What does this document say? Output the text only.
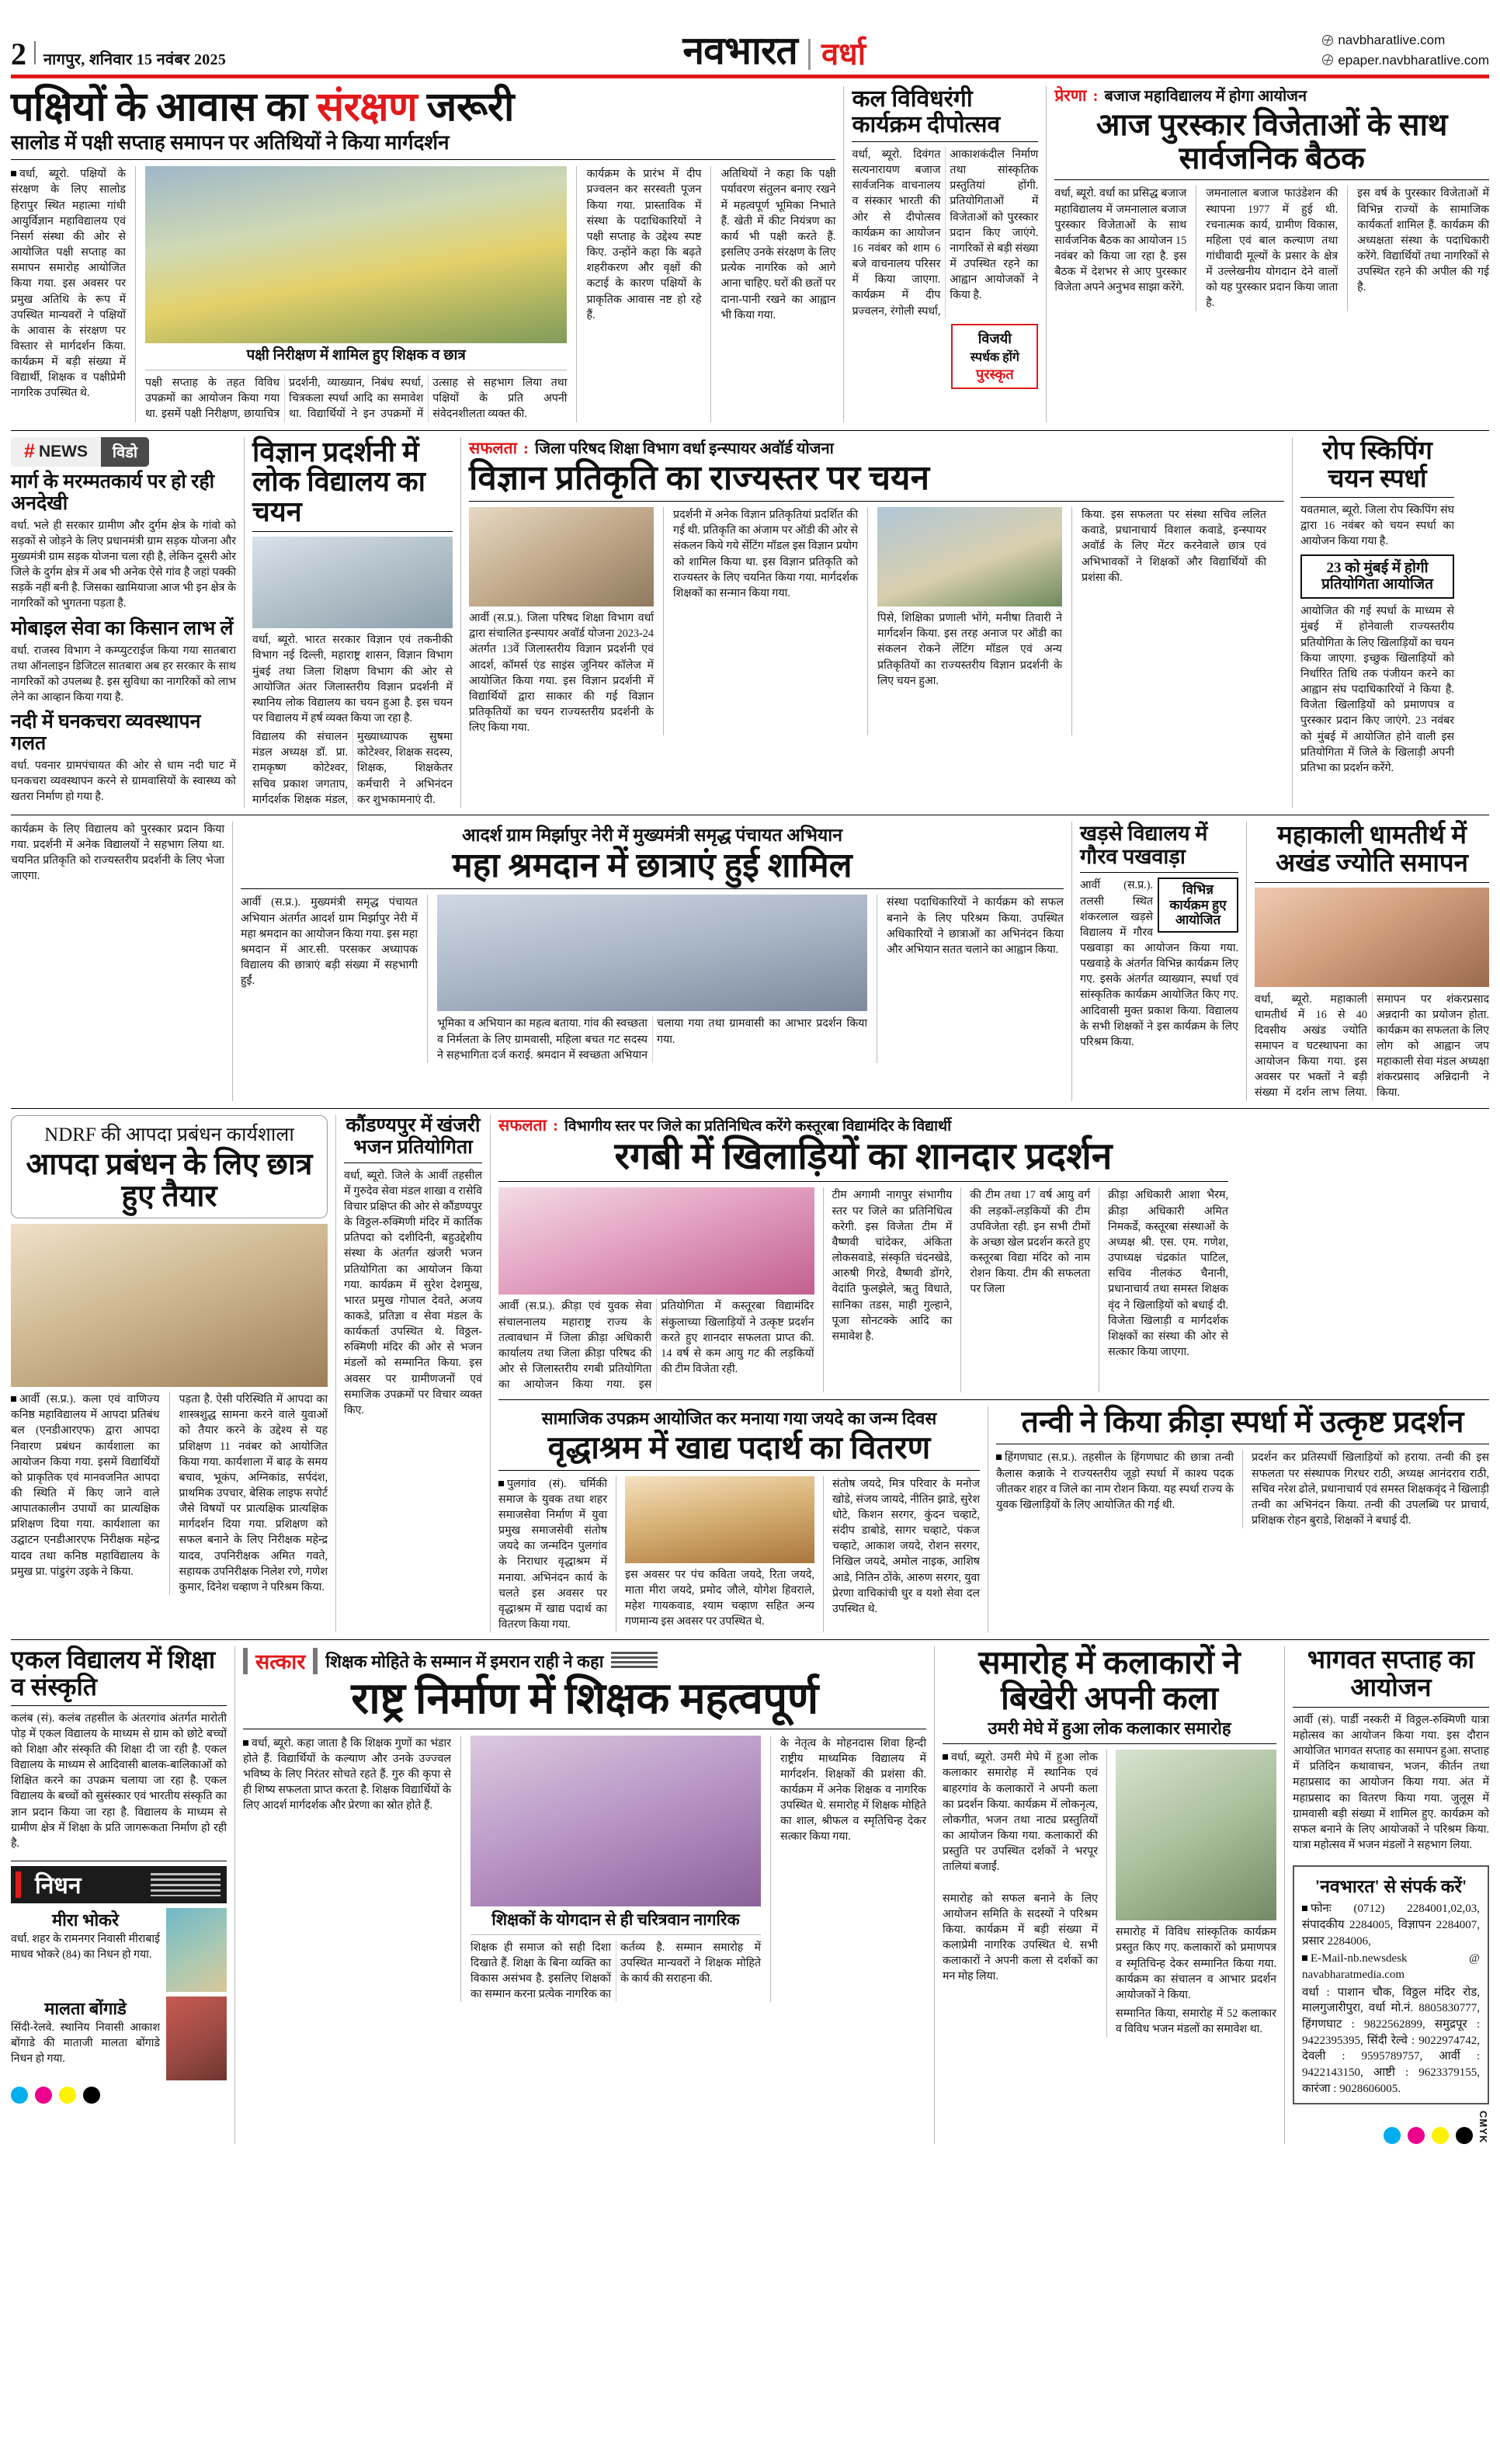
2 नागपुर, शनिवार 15 नवंबर 2025	नवभारत वर्धा	navbharatlive.com
epaper.navbharatlive.com
पक्षियों के आवास का संरक्षण जरूरी
सालोड में पक्षी सप्ताह समापन पर अतिथियों ने किया मार्गदर्शन
वर्धा, ब्यूरो. पक्षियों के संरक्षण के लिए सालोड हिरापुर स्थित महात्मा गांधी आयुर्विज्ञान महाविद्यालय एवं निसर्ग संस्था की ओर से आयोजित पक्षी सप्ताह का समापन समारोह आयोजित किया गया. इस अवसर पर प्रमुख अतिथि के रूप में उपस्थित मान्यवरों ने पक्षियों के आवास के संरक्षण पर विस्तार से मार्गदर्शन किया. कार्यक्रम में बड़ी संख्या में विद्यार्थी, शिक्षक व पक्षीप्रेमी नागरिक उपस्थित थे.
पक्षी निरीक्षण में शामिल हुए शिक्षक व छात्र
पक्षी सप्ताह के तहत विविध उपक्रमों का आयोजन किया गया था. इसमें पक्षी निरीक्षण, छायाचित्र प्रदर्शनी, व्याख्यान, निबंध स्पर्धा, चित्रकला स्पर्धा आदि का समावेश था. विद्यार्थियों ने इन उपक्रमों में उत्साह से सहभाग लिया तथा पक्षियों के प्रति अपनी संवेदनशीलता व्यक्त की.
कार्यक्रम के प्रारंभ में दीप प्रज्वलन कर सरस्वती पूजन किया गया. प्रास्ताविक में संस्था के पदाधिकारियों ने पक्षी सप्ताह के उद्देश्य स्पष्ट किए. उन्होंने कहा कि बढ़ते शहरीकरण और वृक्षों की कटाई के कारण पक्षियों के प्राकृतिक आवास नष्ट हो रहे हैं.
अतिथियों ने कहा कि पक्षी पर्यावरण संतुलन बनाए रखने में महत्वपूर्ण भूमिका निभाते हैं. खेती में कीट नियंत्रण का कार्य भी पक्षी करते हैं. इसलिए उनके संरक्षण के लिए प्रत्येक नागरिक को आगे आना चाहिए. घरों की छतों पर दाना-पानी रखने का आह्वान भी किया गया.
कल विविधरंगी कार्यक्रम दीपोत्सव
वर्धा, ब्यूरो. दिवंगत सत्यनारायण बजाज सार्वजनिक वाचनालय व संस्कार भारती की ओर से दीपोत्सव कार्यक्रम का आयोजन 16 नवंबर को शाम 6 बजे वाचनालय परिसर में किया जाएगा. कार्यक्रम में दीप प्रज्वलन, रंगोली स्पर्धा, आकाशकंदील निर्माण तथा सांस्कृतिक प्रस्तुतियां होंगी. प्रतियोगिताओं में विजेताओं को पुरस्कार प्रदान किए जाएंगे. नागरिकों से बड़ी संख्या में उपस्थित रहने का आह्वान आयोजकों ने किया है.
विजयी
स्पर्धक होंगे
पुरस्कृत
प्रेरणा : बजाज महाविद्यालय में होगा आयोजन
आज पुरस्कार विजेताओं के साथ सार्वजनिक बैठक
वर्धा, ब्यूरो. वर्धा का प्रसिद्ध बजाज महाविद्यालय में जमनालाल बजाज पुरस्कार विजेताओं के साथ सार्वजनिक बैठक का आयोजन 15 नवंबर को किया जा रहा है. इस बैठक में देशभर से आए पुरस्कार विजेता अपने अनुभव साझा करेंगे.
जमनालाल बजाज फाउंडेशन की स्थापना 1977 में हुई थी. रचनात्मक कार्य, ग्रामीण विकास, महिला एवं बाल कल्याण तथा गांधीवादी मूल्यों के प्रसार के क्षेत्र में उल्लेखनीय योगदान देने वालों को यह पुरस्कार प्रदान किया जाता है.
इस वर्ष के पुरस्कार विजेताओं में विभिन्न राज्यों के सामाजिक कार्यकर्ता शामिल हैं. कार्यक्रम की अध्यक्षता संस्था के पदाधिकारी करेंगे. विद्यार्थियों तथा नागरिकों से उपस्थित रहने की अपील की गई है.
# NEWS	विडो
मार्ग के मरम्मतकार्य पर हो रही अनदेखी
वर्धा. भले ही सरकार ग्रामीण और दुर्गम क्षेत्र के गांवो को सड़कों से जोड़ने के लिए प्रधानमंत्री ग्राम सड़क योजना और मुख्यमंत्री ग्राम सड़क योजना चला रही है, लेकिन दूसरी ओर जिले के दुर्गम क्षेत्र में अब भी अनेक ऐसे गांव है जहां पक्की सड़कें नहीं बनी है. जिसका खामियाजा आज भी इन क्षेत्र के नागरिकों को भुगतना पड़ता है.
मोबाइल सेवा का किसान लाभ लें
वर्धा. राजस्व विभाग ने कम्प्युटराईज किया गया सातबारा तथा ऑनलाइन डिजिटल सातबारा अब हर सरकार के साथ नागरिकों को उपलब्ध है. इस सुविधा का नागरिकों को लाभ लेने का आव्हान किया गया है.
नदी में घनकचरा व्यवस्थापन गलत
वर्धा. पवनार ग्रामपंचायत की ओर से धाम नदी घाट में घनकचरा व्यवस्थापन करने से ग्रामवासियों के स्वास्थ्य को खतरा निर्माण हो गया है.
विज्ञान प्रदर्शनी में लोक विद्यालय का चयन
वर्धा, ब्यूरो. भारत सरकार विज्ञान एवं तकनीकी विभाग नई दिल्ली, महाराष्ट्र शासन, विज्ञान विभाग मुंबई तथा जिला शिक्षण विभाग की ओर से आयोजित अंतर जिलास्तरीय विज्ञान प्रदर्शनी में स्थानिय लोक विद्यालय का चयन हुआ है. इस चयन पर विद्यालय में हर्ष व्यक्त किया जा रहा है.
विद्यालय की संचालन मंडल अध्यक्ष डॉ. प्रा. रामकृष्ण कोटेश्वर, सचिव प्रकाश जगताप, मार्गदर्शक शिक्षक मंडल, मुख्याध्यापक सुषमा कोटेश्वर, शिक्षक सदस्य, शिक्षक, शिक्षकेतर कर्मचारी ने अभिनंदन कर शुभकामनाएं दी.
सफलता : जिला परिषद शिक्षा विभाग वर्धा इन्स्पायर अवॉर्ड योजना
विज्ञान प्रतिकृति का राज्यस्तर पर चयन
आर्वी (स.प्र.). जिला परिषद शिक्षा विभाग वर्धा द्वारा संचालित इन्स्पायर अवॉर्ड योजना 2023-24 अंतर्गत 13वें जिलास्तरीय विज्ञान प्रदर्शनी एवं आदर्श, कॉमर्स एंड साइंस जुनियर कॉलेज में आयोजित किया गया. इस विज्ञान प्रदर्शनी में विद्यार्थियों द्वारा साकार की गई विज्ञान प्रतिकृतियों का चयन राज्यस्तरीय प्रदर्शनी के लिए किया गया.
प्रदर्शनी में अनेक विज्ञान प्रतिकृतियां प्रदर्शित की गई थी. प्रतिकृति का अंजाम पर ऑडी की ओर से संकलन किये गये सेंटिंग मॉडल इस विज्ञान प्रयोग को शामिल किया था. इस विज्ञान प्रतिकृति को राज्यस्तर के लिए चयनित किया गया. मार्गदर्शक शिक्षकों का सन्मान किया गया.
पिसे, शिक्षिका प्रणाली भोंगे, मनीषा तिवारी ने मार्गदर्शन किया. इस तरह अनाज पर ऑडी का संकलन रोकने लेंटिंग मॉडल एवं अन्य प्रतिकृतियों का राज्यस्तरीय विज्ञान प्रदर्शनी के लिए चयन हुआ.
किया. इस सफलता पर संस्था सचिव ललित कवाडे, प्रधानाचार्य विशाल कवाडे, इन्स्पायर अवॉर्ड के लिए मेंटर करनेवाले छात्र एवं अभिभावकों ने शिक्षकों और विद्यार्थियों की प्रशंसा की.
रोप स्किपिंग चयन स्पर्धा
यवतमाल, ब्यूरो. जिला रोप स्किपिंग संघ द्वारा 16 नवंबर को चयन स्पर्धा का आयोजन किया गया है.
23 को मुंबई में होगी प्रतियोगिता आयोजित
आयोजित की गई स्पर्धा के माध्यम से मुंबई में होनेवाली राज्यस्तरीय प्रतियोगिता के लिए खिलाड़ियों का चयन किया जाएगा. इच्छुक खिलाड़ियों को निर्धारित तिथि तक पंजीयन करने का आह्वान संघ पदाधिकारियों ने किया है. विजेता खिलाड़ियों को प्रमाणपत्र व पुरस्कार प्रदान किए जाएंगे. 23 नवंबर को मुंबई में आयोजित होने वाली इस प्रतियोगिता में जिले के खिलाड़ी अपनी प्रतिभा का प्रदर्शन करेंगे.
कार्यक्रम के लिए विद्यालय को पुरस्कार प्रदान किया गया. प्रदर्शनी में अनेक विद्यालयों ने सहभाग लिया था. चयनित प्रतिकृति को राज्यस्तरीय प्रदर्शनी के लिए भेजा जाएगा.
आदर्श ग्राम मिर्झापुर नेरी में मुख्यमंत्री समृद्ध पंचायत अभियान
महा श्रमदान में छात्राएं हुई शामिल
आर्वी (स.प्र.). मुख्यमंत्री समृद्ध पंचायत अभियान अंतर्गत आदर्श ग्राम मिर्झापुर नेरी में महा श्रमदान का आयोजन किया गया. इस महा श्रमदान में आर.सी. परसकर अध्यापक विद्यालय की छात्राएं बड़ी संख्या में सहभागी हुईं.
भूमिका व अभियान का महत्व बताया. गांव की स्वच्छता व निर्मलता के लिए ग्रामवासी, महिला बचत गट सदस्य ने सहभागिता दर्ज कराई. श्रमदान में स्वच्छता अभियान चलाया गया तथा ग्रामवासी का आभार प्रदर्शन किया गया.
संस्था पदाधिकारियों ने कार्यक्रम को सफल बनाने के लिए परिश्रम किया. उपस्थित अधिकारियों ने छात्राओं का अभिनंदन किया और अभियान सतत चलाने का आह्वान किया.
खड़से विद्यालय में गौरव पखवाड़ा
विभिन्न कार्यक्रम हुए आयोजित
आर्वी (स.प्र.). तलसी स्थित शंकरलाल खड़से विद्यालय में गौरव पखवाड़ा का आयोजन किया गया. पखवाड़े के अंतर्गत विभिन्न कार्यक्रम लिए गए. इसके अंतर्गत व्याख्यान, स्पर्धा एवं सांस्कृतिक कार्यक्रम आयोजित किए गए. आदिवासी मुक्त प्रकाश किया. विद्यालय के सभी शिक्षकों ने इस कार्यक्रम के लिए परिश्रम किया.
महाकाली धामतीर्थ में अखंड ज्योति समापन
वर्धा, ब्यूरो. महाकाली धामतीर्थ में 16 से 40 दिवसीय अखंड ज्योति समापन व घटस्थापना का आयोजन किया गया. इस अवसर पर भक्तों ने बड़ी संख्या में दर्शन लाभ लिया. समापन पर शंकरप्रसाद अन्नदानी का प्रयोजन होता. कार्यक्रम का सफलता के लिए लोग को आह्वान जप महाकाली सेवा मंडल अध्यक्षा शंकरप्रसाद अन्निदानी ने किया.
NDRF की आपदा प्रबंधन कार्यशाला
आपदा प्रबंधन के लिए छात्र हुए तैयार
आर्वी (स.प्र.). कला एवं वाणिज्य कनिष्ठ महाविद्यालय में आपदा प्रतिबंध बल (एनडीआरएफ) द्वारा आपदा निवारण प्रबंधन कार्यशाला का आयोजन किया गया. इसमें विद्यार्थियों को प्राकृतिक एवं मानवजनित आपदा की स्थिति में किए जाने वाले आपातकालीन उपायों का प्रात्यक्षिक प्रशिक्षण दिया गया. कार्यशाला का उद्घाटन एनडीआरएफ निरीक्षक महेन्द्र यादव तथा कनिष्ठ महाविद्यालय के प्रमुख प्रा. पांडुरंग उइके ने किया.
पड़ता है. ऐसी परिस्थिति में आपदा का शास्त्रशुद्ध सामना करने वाले युवाओं को तैयार करने के उद्देश्य से यह प्रशिक्षण 11 नवंबर को आयोजित किया गया. कार्यशाला में बाढ़ के समय बचाव, भूकंप, अग्निकांड, सर्पदंश, प्राथमिक उपचार, बेसिक लाइफ सपोर्ट जैसे विषयों पर प्रात्यक्षिक प्रात्यक्षिक मार्गदर्शन दिया गया. प्रशिक्षण को सफल बनाने के लिए निरीक्षक महेन्द्र यादव, उपनिरीक्षक अमित गवते, सहायक उपनिरीक्षक निलेश रणे, गणेश कुमार, दिनेश चव्हाण ने परिश्रम किया.
कौंडण्यपुर में खंजरी भजन प्रतियोगिता
वर्धा, ब्यूरो. जिले के आर्वी तहसील में गुरुदेव सेवा मंडल शाखा व रासेवि विचार प्रक्षिप्त की ओर से कौंडण्यपुर के विठ्ठल-रुक्मिणी मंदिर में कार्तिक प्रतिपदा को दशीदिनी, बहुउद्देशीय संस्था के अंतर्गत खंजरी भजन प्रतियोगिता का आयोजन किया गया. कार्यक्रम में सुरेश देशमुख, भारत प्रमुख गोपाल देवते, अजय काकडे, प्रतिज्ञा व सेवा मंडल के कार्यकर्ता उपस्थित थे. विठ्ठल-रुक्मिणी मंदिर की ओर से भजन मंडलों को सम्मानित किया. इस अवसर पर ग्रामीणजनों एवं समाजिक उपक्रमों पर विचार व्यक्त किए.
सफलता : विभागीय स्तर पर जिले का प्रतिनिधित्व करेंगे कस्तूरबा विद्यामंदिर के विद्यार्थी
रगबी में खिलाड़ियों का शानदार प्रदर्शन
आर्वी (स.प्र.). क्रीड़ा एवं युवक सेवा संचालनालय महाराष्ट्र राज्य के तत्वावधान में जिला क्रीड़ा अधिकारी कार्यालय तथा जिला क्रीड़ा परिषद की ओर से जिलास्तरीय रगबी प्रतियोगिता का आयोजन किया गया. इस प्रतियोगिता में कस्तूरबा विद्यामंदिर संकुलाच्या खिलाड़ियों ने उत्कृष्ट प्रदर्शन करते हुए शानदार सफलता प्राप्त की. 14 वर्ष से कम आयु गट की लड़कियों की टीम विजेता रही.
टीम अगामी नागपुर संभागीय स्तर पर जिले का प्रतिनिधित्व करेगी. इस विजेता टीम में वैष्णवी चांदेकर, अंकिता लोकसवाडे, संस्कृति चंदनखेडे, आरुषी गिरडे, वैष्णवी डोंगरे, वेदांति फुलझेले, ऋतु विधाते, सानिका तडस, माही गुल्हाने, पूजा सोनटक्के आदि का समावेश है.
की टीम तथा 17 वर्ष आयु वर्ग की लड़कों-लड़कियों की टीम उपविजेता रही. इन सभी टीमों के अच्छा खेल प्रदर्शन करते हुए कस्तूरबा विद्या मंदिर को नाम रोशन किया. टीम की सफलता पर जिला
क्रीड़ा अधिकारी आशा भैरम, क्रीड़ा अधिकारी अमित निमकर्डे, कस्तूरबा संस्थाओं के अध्यक्ष श्री. एस. एम. गणेश, उपाध्यक्ष चंद्रकांत पाटिल, सचिव नीलकंठ चैनानी, प्रधानाचार्य तथा समस्त शिक्षक वृंद ने खिलाड़ियों को बधाई दी. विजेता खिलाड़ी व मार्गदर्शक शिक्षकों का संस्था की ओर से सत्कार किया जाएगा.
सामाजिक उपक्रम आयोजित कर मनाया गया जयदे का जन्म दिवस
वृद्धाश्रम में खाद्य पदार्थ का वितरण
पुलगांव (सं). चर्मिकी समाज के युवक तथा शहर समाजसेवा निर्माण में युवा प्रमुख समाजसेवी संतोष जयदे का जन्मदिन पुलगांव के निराधार वृद्धाश्रम में मनाया. अभिनंदन कार्य के चलते इस अवसर पर वृद्धाश्रम में खाद्य पदार्थ का वितरण किया गया.
इस अवसर पर पंच कविता जयदे, रिता जयदे, माता मीरा जयदे, प्रमोद जौले, योगेश हिवराले, महेश गायकवाड, श्याम चव्हाण सहित अन्य गणमान्य इस अवसर पर उपस्थित थे.
संतोष जयदे, मित्र परिवार के मनोज खोडे, संजय जायदे, नीतिन झाडे, सुरेश धोटे, किशन सरगर, कुंदन चव्हाटे, संदीप डाबोडे, सागर चव्हाटे, पंकज चव्हाटे, आकाश जयदे, रोशन सरगर, निखिल जयदे, अमोल नाइक, आशिष आडे, नितिन ठोंके, आरुण सरगर, युवा प्रेरणा वाचिकांची धुर व यशो सेवा दल उपस्थित थे.
तन्वी ने किया क्रीड़ा स्पर्धा में उत्कृष्ट प्रदर्शन
हिंगणघाट (स.प्र.). तहसील के हिंगणघाट की छात्रा तन्वी कैलास कन्नाके ने राज्यस्तरीय जूड़ो स्पर्धा में काश्य पदक जीतकर शहर व जिले का नाम रोशन किया. यह स्पर्धा राज्य के युवक खिलाड़ियों के लिए आयोजित की गई थी.
प्रदर्शन कर प्रतिस्पर्धी खिलाड़ियों को हराया. तन्वी की इस सफलता पर संस्थापक गिरधर राठी, अध्यक्ष आनंदराव राठी, सचिव नरेश ढोले, प्रधानाचार्य एवं समस्त शिक्षकवृंद ने खिलाड़ी तन्वी का अभिनंदन किया. तन्वी की उपलब्धि पर प्राचार्य, प्रशिक्षक रोहन बुराडे, शिक्षकों ने बधाई दी.
एकल विद्यालय में शिक्षा व संस्कृति
कलंब (सं). कलंब तहसील के अंतरगांव अंतर्गत मारोती पोड़ में एकल विद्यालय के माध्यम से ग्राम को छोटे बच्चों को शिक्षा और संस्कृति की शिक्षा दी जा रही है. एकल विद्यालय के माध्यम से आदिवासी बालक-बालिकाओं को शिक्षित करने का उपक्रम चलाया जा रहा है. एकल विद्यालय के बच्चों को सुसंस्कार एवं भारतीय संस्कृति का ज्ञान प्रदान किया जा रहा है. विद्यालय के माध्यम से ग्रामीण क्षेत्र में शिक्षा के प्रति जागरूकता निर्माण हो रही है.
निधन
मीरा भोकरे
वर्धा. शहर के रामनगर निवासी मीराबाई माधव भोकरे (84) का निधन हो गया.
मालता बोंगाडे
सिंदी-रेलवे. स्थानिय निवासी आकाश बोंगाडे की माताजी मालता बोंगाडे निधन हो गया.
सत्कार शिक्षक मोहिते के सम्मान में इमरान राही ने कहा
राष्ट्र निर्माण में शिक्षक महत्वपूर्ण
वर्धा, ब्यूरो. कहा जाता है कि शिक्षक गुणों का भंडार होते हैं. विद्यार्थियों के कल्याण और उनके उज्ज्वल भविष्य के लिए निरंतर सोचते रहते हैं. गुरु की कृपा से ही शिष्य सफलता प्राप्त करता है. शिक्षक विद्यार्थियों के लिए आदर्श मार्गदर्शक और प्रेरणा का स्रोत होते हैं.
शिक्षकों के योगदान से ही चरित्रवान नागरिक
शिक्षक ही समाज को सही दिशा दिखाते हैं. शिक्षा के बिना व्यक्ति का विकास असंभव है. इसलिए शिक्षकों का सम्मान करना प्रत्येक नागरिक का कर्तव्य है. सम्मान समारोह में उपस्थित मान्यवरों ने शिक्षक मोहिते के कार्य की सराहना की.
के नेतृत्व के मोहनदास शिवा हिन्दी राष्ट्रीय माध्यमिक विद्यालय में मार्गदर्शन. शिक्षकों की प्रशंसा की. कार्यक्रम में अनेक शिक्षक व नागरिक उपस्थित थे. समारोह में शिक्षक मोहिते का शाल, श्रीफल व स्मृतिचिन्ह देकर सत्कार किया गया.
समारोह में कलाकारों ने बिखेरी अपनी कला
उमरी मेघे में हुआ लोक कलाकार समारोह
वर्धा, ब्यूरो. उमरी मेघे में हुआ लोक कलाकार समारोह में स्थानिक एवं बाहरगांव के कलाकारों ने अपनी कला का प्रदर्शन किया. कार्यक्रम में लोकनृत्य, लोकगीत, भजन तथा नाट्य प्रस्तुतियों का आयोजन किया गया. कलाकारों की प्रस्तुति पर उपस्थित दर्शकों ने भरपूर तालियां बजाईं.

समारोह को सफल बनाने के लिए आयोजन समिति के सदस्यों ने परिश्रम किया. कार्यक्रम में बड़ी संख्या में कलाप्रेमी नागरिक उपस्थित थे. सभी कलाकारों ने अपनी कला से दर्शकों का मन मोह लिया.
समारोह में विविध सांस्कृतिक कार्यक्रम प्रस्तुत किए गए. कलाकारों को प्रमाणपत्र व स्मृतिचिन्ह देकर सम्मानित किया गया. कार्यक्रम का संचालन व आभार प्रदर्शन आयोजकों ने किया.
सम्मानित किया, समारोह में 52 कलाकार व विविध भजन मंडलों का समावेश था.
भागवत सप्ताह का आयोजन
आर्वी (सं). पार्डी नस्करी में विठ्ठल-रुक्मिणी यात्रा महोत्सव का आयोजन किया गया. इस दौरान आयोजित भागवत सप्ताह का समापन हुआ. सप्ताह में प्रतिदिन कथावाचन, भजन, कीर्तन तथा महाप्रसाद का आयोजन किया गया. अंत में महाप्रसाद का वितरण किया गया. जुलूस में ग्रामवासी बड़ी संख्या में शामिल हुए. कार्यक्रम को सफल बनाने के लिए आयोजकों ने परिश्रम किया. यात्रा महोत्सव में भजन मंडलों ने सहभाग लिया.
'नवभारत' से संपर्क करें'

फोनः (0712) 2284001,02,03, संपादकीय 2284005, विज्ञापन 2284007, प्रसार 2284006,

E-Mail-nb.newsdesk @ navabharatmedia.com

वर्धा : पाशान चौक, विठ्ठल मंदिर रोड, मालगुजारीपुरा, वर्धा मो.नं. 8805830777, हिंगणघाट : 9822562899, समुद्रपूर : 9422395395, सिंदी रेल्वे : 9022974742, देवली : 9595789757, आर्वी : 9422143150, आष्टी : 9623379155, कारंजा : 9028606005.

CMYK
